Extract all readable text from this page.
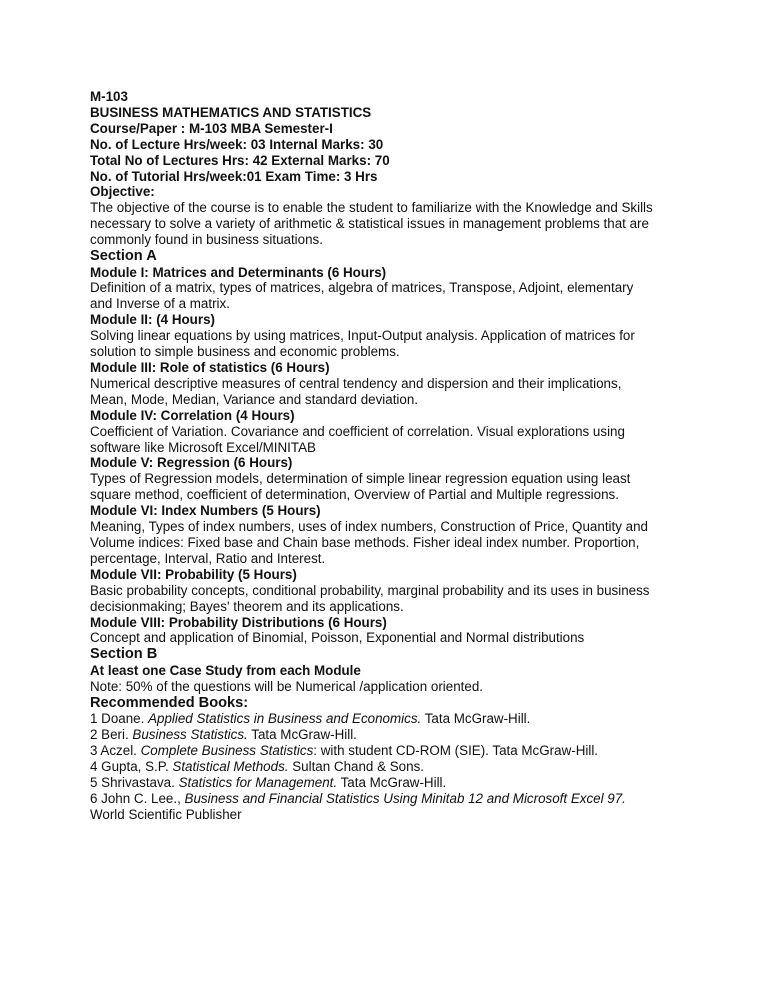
M-103
BUSINESS MATHEMATICS AND STATISTICS
Course/Paper : M-103 MBA Semester-I
No. of Lecture Hrs/week: 03 Internal Marks: 30
Total No of Lectures Hrs: 42 External Marks: 70
No. of Tutorial Hrs/week:01 Exam Time: 3 Hrs
Objective:
The objective of the course is to enable the student to familiarize with the Knowledge and Skills
necessary to solve a variety of arithmetic & statistical issues in management problems that are
commonly found in business situations.
Section A
Module I: Matrices and Determinants (6 Hours)
Definition of a matrix, types of matrices, algebra of matrices, Transpose, Adjoint, elementary
and Inverse of a matrix.
Module II: (4 Hours)
Solving linear equations by using matrices, Input-Output analysis. Application of matrices for
solution to simple business and economic problems.
Module III: Role of statistics (6 Hours)
Numerical descriptive measures of central tendency and dispersion and their implications,
Mean, Mode, Median, Variance and standard deviation.
Module IV: Correlation (4 Hours)
Coefficient of Variation. Covariance and coefficient of correlation. Visual explorations using
software like Microsoft Excel/MINITAB
Module V: Regression (6 Hours)
Types of Regression models, determination of simple linear regression equation using least
square method, coefficient of determination, Overview of Partial and Multiple regressions.
Module VI: Index Numbers (5 Hours)
Meaning, Types of index numbers, uses of index numbers, Construction of Price, Quantity and
Volume indices: Fixed base and Chain base methods. Fisher ideal index number. Proportion,
percentage, Interval, Ratio and Interest.
Module VII: Probability (5 Hours)
Basic probability concepts, conditional probability, marginal probability and its uses in business
decisionmaking; Bayes' theorem and its applications.
Module VIII: Probability Distributions (6 Hours)
Concept and application of Binomial, Poisson, Exponential and Normal distributions
Section B
At least one Case Study from each Module
Note: 50% of the questions will be Numerical /application oriented.
Recommended Books:
1 Doane. Applied Statistics in Business and Economics. Tata McGraw-Hill.
2 Beri. Business Statistics. Tata McGraw-Hill.
3 Aczel. Complete Business Statistics: with student CD-ROM (SIE). Tata McGraw-Hill.
4 Gupta, S.P. Statistical Methods. Sultan Chand & Sons.
5 Shrivastava. Statistics for Management. Tata McGraw-Hill.
6 John C. Lee., Business and Financial Statistics Using Minitab 12 and Microsoft Excel 97.
World Scientific Publisher
